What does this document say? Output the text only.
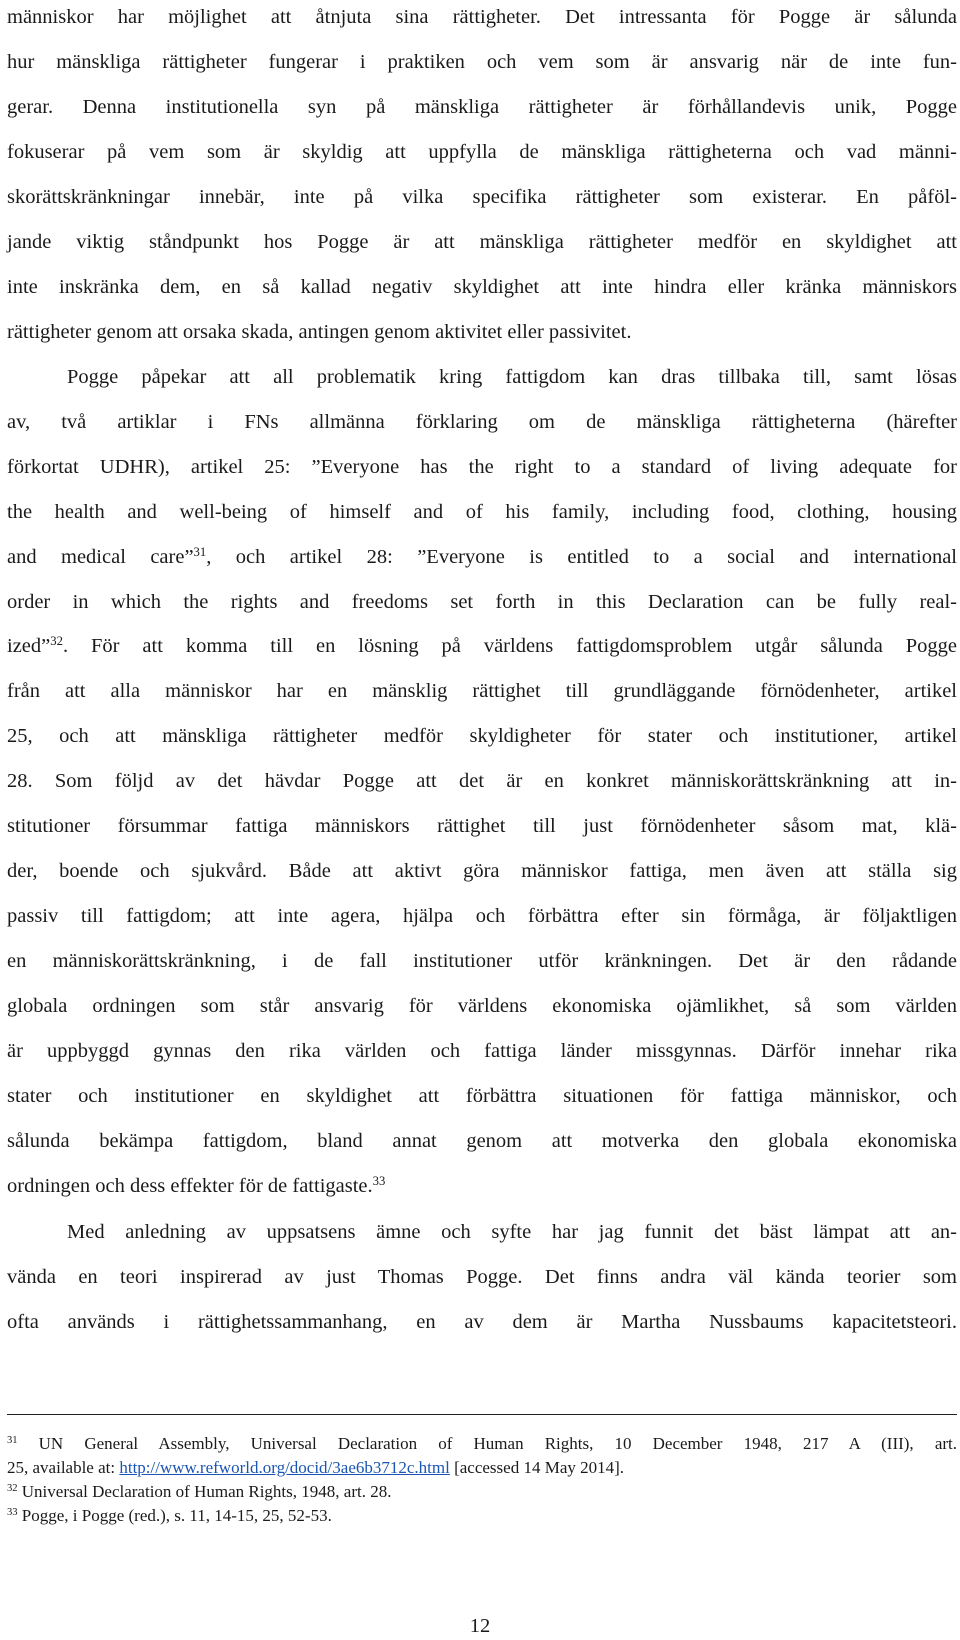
människor har möjlighet att åtnjuta sina rättigheter. Det intressanta för Pogge är sålunda
hur mänskliga rättigheter fungerar i praktiken och vem som är ansvarig när de inte fun-
gerar. Denna institutionella syn på mänskliga rättigheter är förhållandevis unik, Pogge
fokuserar på vem som är skyldig att uppfylla de mänskliga rättigheterna och vad männi-
skorättskränkningar innebär, inte på vilka specifika rättigheter som existerar. En påföl-
jande viktig ståndpunkt hos Pogge är att mänskliga rättigheter medför en skyldighet att
inte inskränka dem, en så kallad negativ skyldighet att inte hindra eller kränka människors
rättigheter genom att orsaka skada, antingen genom aktivitet eller passivitet.
Pogge påpekar att all problematik kring fattigdom kan dras tillbaka till, samt lösas
av, två artiklar i FNs allmänna förklaring om de mänskliga rättigheterna (härefter
förkortat UDHR), artikel 25: ”Everyone has the right to a standard of living adequate for
the health and well-being of himself and of his family, including food, clothing, housing
and medical care”$^{31}$, och artikel 28: ”Everyone is entitled to a social and international
order in which the rights and freedoms set forth in this Declaration can be fully real-
ized”$^{32}$. För att komma till en lösning på världens fattigdomsproblem utgår sålunda Pogge
från att alla människor har en mänsklig rättighet till grundläggande förnödenheter, artikel
25, och att mänskliga rättigheter medför skyldigheter för stater och institutioner, artikel
28. Som följd av det hävdar Pogge att det är en konkret människorättskränkning att in-
stitutioner försummar fattiga människors rättighet till just förnödenheter såsom mat, klä-
der, boende och sjukvård. Både att aktivt göra människor fattiga, men även att ställa sig
passiv till fattigdom; att inte agera, hjälpa och förbättra efter sin förmåga, är följaktligen
en människorättskränkning, i de fall institutioner utför kränkningen. Det är den rådande
globala ordningen som står ansvarig för världens ekonomiska ojämlikhet, så som världen
är uppbyggd gynnas den rika världen och fattiga länder missgynnas. Därför innehar rika
stater och institutioner en skyldighet att förbättra situationen för fattiga människor, och
sålunda bekämpa fattigdom, bland annat genom att motverka den globala ekonomiska
ordningen och dess effekter för de fattigaste.$^{33}$
Med anledning av uppsatsens ämne och syfte har jag funnit det bäst lämpat att an-
vända en teori inspirerad av just Thomas Pogge. Det finns andra väl kända teorier som
ofta används i rättighetssammanhang, en av dem är Martha Nussbaums kapacitetsteori.
$^{31}$ UN General Assembly, Universal Declaration of Human Rights, 10 December 1948, 217 A (III), art.
25, available at: http://www.refworld.org/docid/3ae6b3712c.html [accessed 14 May 2014].
$^{32}$ Universal Declaration of Human Rights, 1948, art. 28.
$^{33}$ Pogge, i Pogge (red.), s. 11, 14-15, 25, 52-53.
12
